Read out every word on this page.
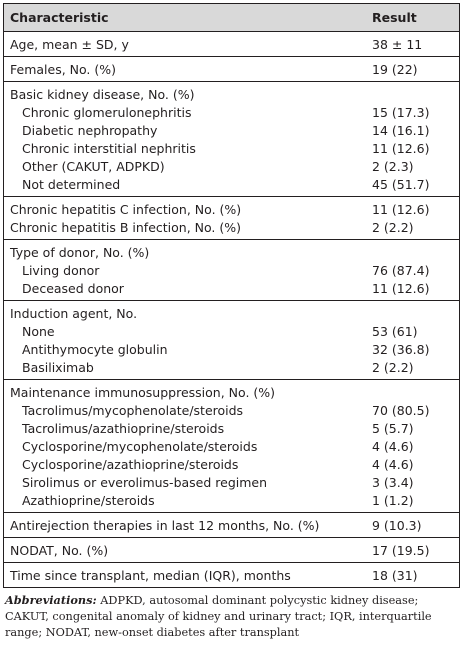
Characteristic	Result
Age, mean ± SD, y	38 ± 11
Females, No. (%)	19 (22)
Basic kidney disease, No. (%)
Chronic glomerulonephritis	15 (17.3)
Diabetic nephropathy	14 (16.1)
Chronic interstitial nephritis	11 (12.6)
Other (CAKUT, ADPKD)	2 (2.3)
Not determined	45 (51.7)
Chronic hepatitis C infection, No. (%)	11 (12.6)
Chronic hepatitis B infection, No. (%)	2 (2.2)
Type of donor, No. (%)
Living donor	76 (87.4)
Deceased donor	11 (12.6)
Induction agent, No.
None	53 (61)
Antithymocyte globulin	32 (36.8)
Basiliximab	2 (2.2)
Maintenance immunosuppression, No. (%)
Tacrolimus/mycophenolate/steroids	70 (80.5)
Tacrolimus/azathioprine/steroids	5 (5.7)
Cyclosporine/mycophenolate/steroids	4 (4.6)
Cyclosporine/azathioprine/steroids	4 (4.6)
Sirolimus or everolimus-based regimen	3 (3.4)
Azathioprine/steroids	1 (1.2)
Antirejection therapies in last 12 months, No. (%)	9 (10.3)
NODAT, No. (%)	17 (19.5)
Time since transplant, median (IQR), months	18 (31)
Abbreviations: ADPKD, autosomal dominant polycystic kidney disease; CAKUT, congenital anomaly of kidney and urinary tract; IQR, interquartile range; NODAT, new-onset diabetes after transplant
